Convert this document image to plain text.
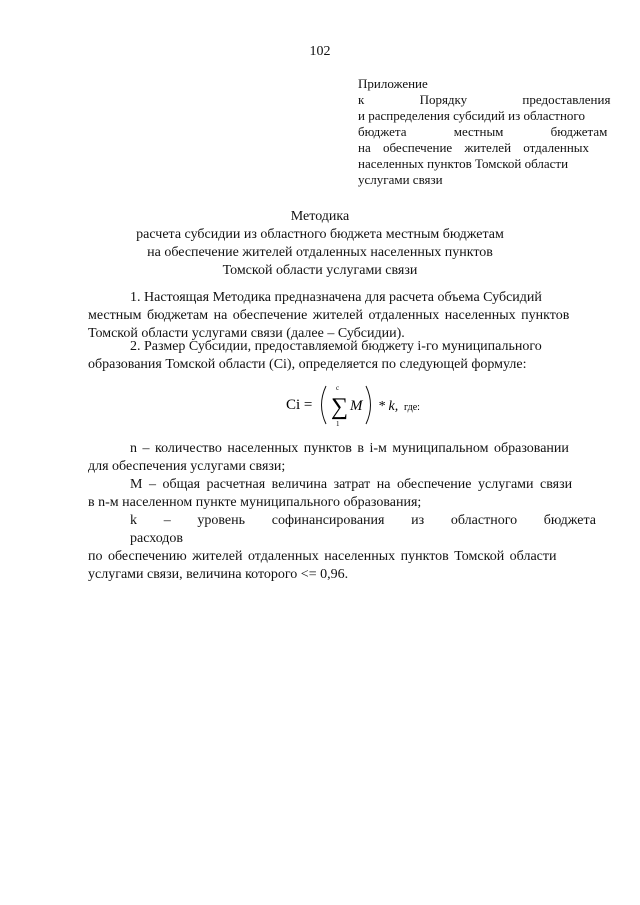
102
Приложение
к Порядку предоставления
и распределения субсидий из областного
бюджета местным бюджетам
на обеспечение жителей отдаленных
населенных пунктов Томской области
услугами связи
Методика
расчета субсидии из областного бюджета местным бюджетам
на обеспечение жителей отдаленных населенных пунктов
Томской области услугами связи
1. Настоящая Методика предназначена для расчета объема Субсидий
местным бюджетам на обеспечение жителей отдаленных населенных пунктов
Томской области услугами связи (далее – Субсидии).
2. Размер Субсидии, предоставляемой бюджету i-го муниципального
образования Томской области (Ci), определяется по следующей формуле:
Ci =
c
∑
1
M * k, где:
n – количество населенных пунктов в i-м муниципальном образовании
для обеспечения услугами связи;
M – общая расчетная величина затрат на обеспечение услугами связи
в n-м населенном пункте муниципального образования;
k – уровень софинансирования из областного бюджета расходов
по обеспечению жителей отдаленных населенных пунктов Томской области
услугами связи, величина которого <= 0,96.
